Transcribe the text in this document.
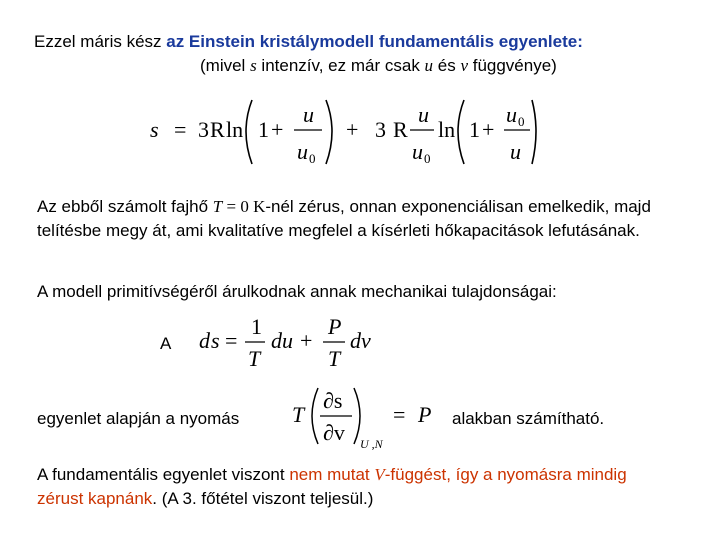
Ezzel máris kész az Einstein kristálymodell fundamentális egyenlete:
(mivel s intenzív, ez már csak u és v függvénye)
s = 3 R ln 1 +
u
u 0
+ 3 R
u
u
ln
0
1 +
u
u
0
Az ebből számolt fajhő T = 0 K-nél zérus, onnan exponenciálisan emelkedik, majd telítésbe megy át, ami kvalitatíve megfelel a kísérleti hőkapacitások lefutásának.
A modell primitívségéről árulkodnak annak mechanikai tulajdonságai:
A d s =
1
T
du +
P
T
dv
egyenlet alapján a nyomás T
∂s
∂v
= P
U ,N
alakban számítható.
A fundamentális egyenlet viszont nem mutat V-függést, így a nyomásra mindig zérust kapnánk. (A 3. főtétel viszont teljesül.)
